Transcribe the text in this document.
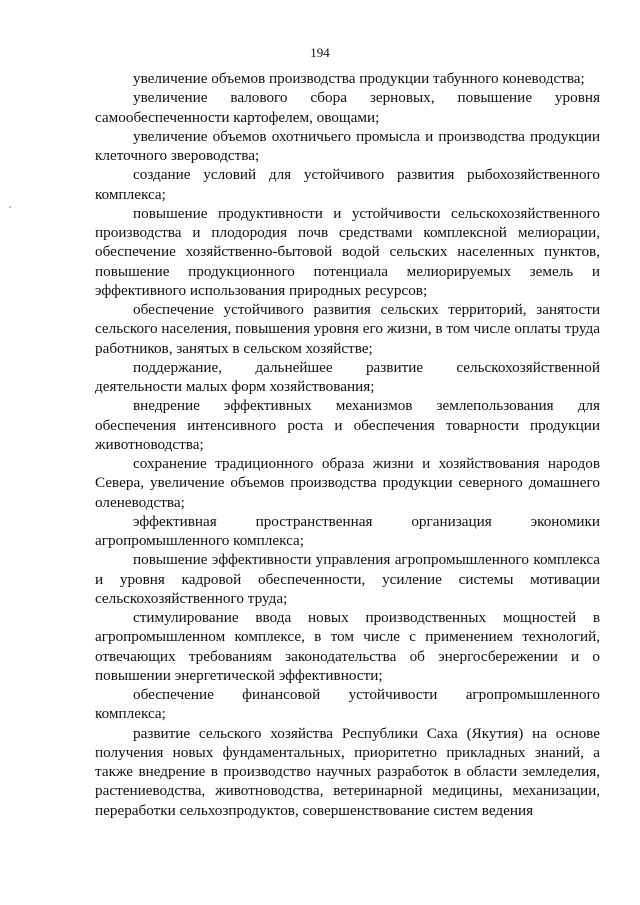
194

увеличение объемов производства продукции табунного коневодства;

увеличение валового сбора зерновых, повышение уровня самообеспеченности картофелем, овощами;

увеличение объемов охотничьего промысла и производства продукции клеточного звероводства;

создание условий для устойчивого развития рыбохозяйственного комплекса;

повышение продуктивности и устойчивости сельскохозяйственного производства и плодородия почв средствами комплексной мелиорации, обеспечение хозяйственно-бытовой водой сельских населенных пунктов, повышение продукционного потенциала мелиорируемых земель и эффективного использования природных ресурсов;

обеспечение устойчивого развития сельских территорий, занятости сельского населения, повышения уровня его жизни, в том числе оплаты труда работников, занятых в сельском хозяйстве;

поддержание, дальнейшее развитие сельскохозяйственной деятельности малых форм хозяйствования;

внедрение эффективных механизмов землепользования для обеспечения интенсивного роста и обеспечения товарности продукции животноводства;

сохранение традиционного образа жизни и хозяйствования народов Севера, увеличение объемов производства продукции северного домашнего оленеводства;

эффективная пространственная организация экономики агропромышленного комплекса;

повышение эффективности управления агропромышленного комплекса и уровня кадровой обеспеченности, усиление системы мотивации сельскохозяйственного труда;

стимулирование ввода новых производственных мощностей в агропромышленном комплексе, в том числе с применением технологий, отвечающих требованиям законодательства об энергосбережении и о повышении энергетической эффективности;

обеспечение финансовой устойчивости агропромышленного комплекса;

развитие сельского хозяйства Республики Саха (Якутия) на основе получения новых фундаментальных, приоритетно прикладных знаний, а также внедрение в производство научных разработок в области земледелия, растениеводства, животноводства, ветеринарной медицины, механизации, переработки сельхозпродуктов, совершенствование систем ведения
